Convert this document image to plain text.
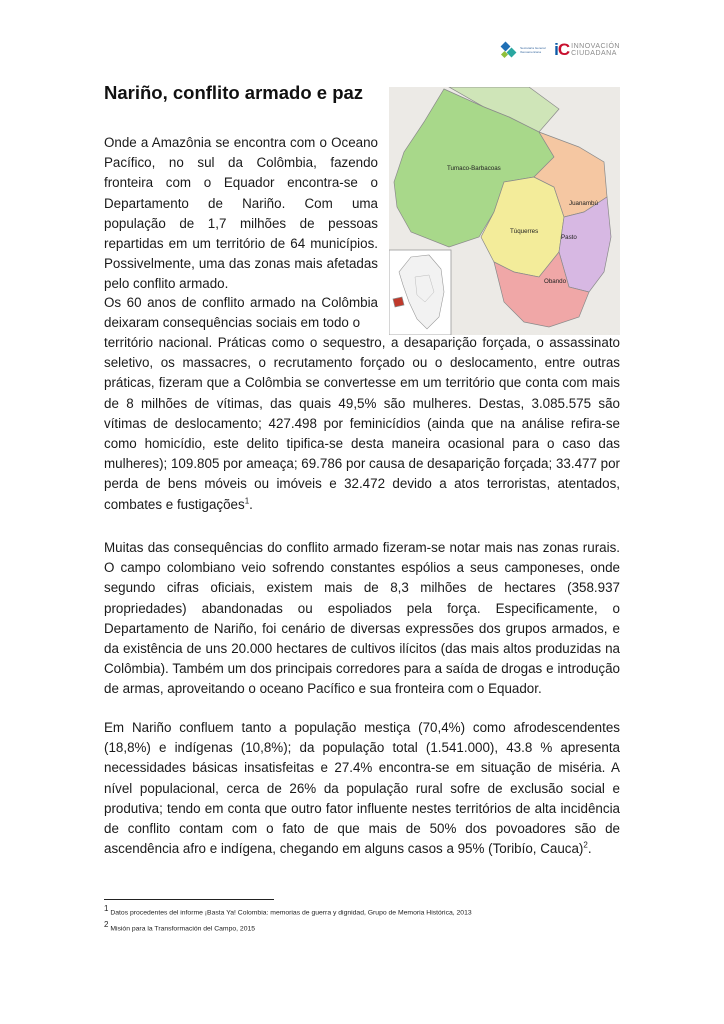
Secretaría General Iberoamericana iC INNOVACIÓN
CIUDADANA
Nariño, conflito armado e paz

Onde a Amazônia se encontra com o Oceano Pacífico, no sul da Colômbia, fazendo fronteira com o Equador encontra-se o Departamento de Nariño. Com uma população de 1,7 milhões de pessoas repartidas em um território de 64 municípios. Possivelmente, uma das zonas mais afetadas pelo conflito armado.

Tumaco-Barbacoas
Túquerres
Juanambú
Pasto
Obando

Os 60 anos de conflito armado na Colômbia deixaram consequências sociais em todo o

território nacional. Práticas como o sequestro, a desaparição forçada, o assassinato seletivo, os massacres, o recrutamento forçado ou o deslocamento, entre outras práticas, fizeram que a Colômbia se convertesse em um território que conta com mais de 8 milhões de vítimas, das quais 49,5% são mulheres. Destas, 3.085.575 são vítimas de deslocamento; 427.498 por feminicídios (ainda que na análise refira-se como homicídio, este delito tipifica-se desta maneira ocasional para o caso das mulheres); 109.805 por ameaça; 69.786 por causa de desaparição forçada; 33.477 por perda de bens móveis ou imóveis e 32.472 devido a atos terroristas, atentados, combates e fustigações$^1$.

Muitas das consequências do conflito armado fizeram-se notar mais nas zonas rurais. O campo colombiano veio sofrendo constantes espólios a seus camponeses, onde segundo cifras oficiais, existem mais de 8,3 milhões de hectares (358.937 propriedades) abandonadas ou espoliados pela força. Especificamente, o Departamento de Nariño, foi cenário de diversas expressões dos grupos armados, e da existência de uns 20.000 hectares de cultivos ilícitos (das mais altos produzidas na Colômbia). Também um dos principais corredores para a saída de drogas e introdução de armas, aproveitando o oceano Pacífico e sua fronteira com o Equador.

Em Nariño confluem tanto a população mestiça (70,4%) como afrodescendentes (18,8%) e indígenas (10,8%); da população total (1.541.000), 43.8 % apresenta necessidades básicas insatisfeitas e 27.4% encontra-se em situação de miséria. A nível populacional, cerca de 26% da população rural sofre de exclusão social e produtiva; tendo em conta que outro fator influente nestes territórios de alta incidência de conflito contam com o fato de que mais de 50% dos povoadores são de ascendência afro e indígena, chegando em alguns casos a 95% (Toribío, Cauca)$^2$.

$^1$ Datos procedentes del informe ¡Basta Ya! Colombia: memorias de guerra y dignidad, Grupo de Memoria Histórica, 2013
$^2$ Misión para la Transformación del Campo, 2015
